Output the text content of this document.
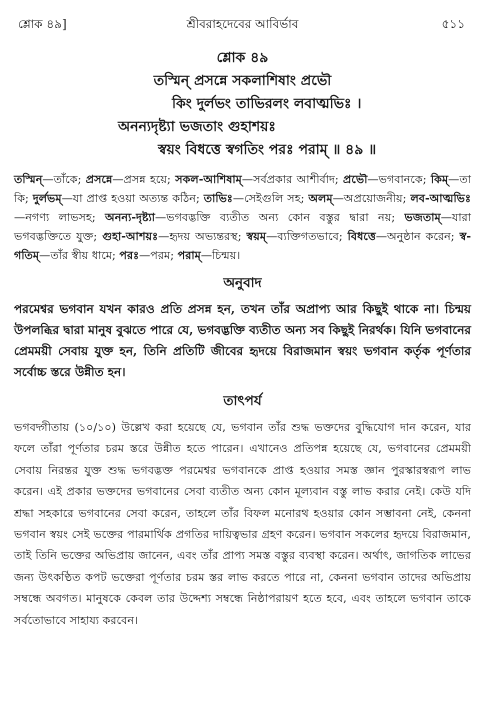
শ্লোক ৪৯]	শ্রীবরাহদেবের আবির্ভাব	৫১১
শ্লোক ৪৯
তস্মিন্‌ প্রসন্নে সকলাশিষাং প্রভৌ
কিং দুর্লভং তাভিরলং লবাত্মভিঃ ।
অনন্যদৃষ্ট্যা ভজতাং গুহাশয়ঃ
স্বয়ং বিধত্তে স্বগতিং পরঃ পরাম্‌ ॥ ৪৯ ॥
তস্মিন্‌—তাঁকে; প্রসন্নে—প্রসন্ন হয়ে; সকল-আশিষাম্‌—সর্বপ্রকার আশীর্বাদ; প্রভৌ—ভগবানকে; কিম্‌—তা কি; দুর্লভম্‌—যা প্রাপ্ত হওয়া অত্যন্ত কঠিন; তাভিঃ—সেইগুলি সহ; অলম্‌—অপ্রয়োজনীয়; লব-আত্মভিঃ—নগণ্য লাভসহ; অনন্য-দৃষ্ট্যা—ভগবদ্ভক্তি ব্যতীত অন্য কোন বস্তুর দ্বারা নয়; ভজতাম্‌—যারা ভগবদ্ভক্তিতে যুক্ত; গুহা-আশয়ঃ—হৃদয় অভ্যন্তরস্থ; স্বয়ম্‌—ব্যক্তিগতভাবে; বিধত্তে—অনুষ্ঠান করেন; স্ব-গতিম্‌—তাঁর স্বীয় ধামে; পরঃ—পরম; পরাম্‌—চিন্ময়।
অনুবাদ
পরমেশ্বর ভগবান যখন কারও প্রতি প্রসন্ন হন, তখন তাঁর অপ্রাপ্য আর কিছুই থাকে না। চিন্ময় উপলব্ধির দ্বারা মানুষ বুঝতে পারে যে, ভগবদ্ভক্তি ব্যতীত অন্য সব কিছুই নিরর্থক। যিনি ভগবানের প্রেমময়ী সেবায় যুক্ত হন, তিনি প্রতিটি জীবের হৃদয়ে বিরাজমান স্বয়ং ভগবান কর্তৃক পূর্ণতার সর্বোচ্চ স্তরে উন্নীত হন।
তাৎপর্য

ভগবদ্গীতায় (১০/১০) উল্লেখ করা হয়েছে যে, ভগবান তাঁর শুদ্ধ ভক্তদের বুদ্ধিযোগ দান করেন, যার ফলে তাঁরা পূর্ণতার চরম স্তরে উন্নীত হতে পারেন। এখানেও প্রতিপন্ন হয়েছে যে, ভগবানের প্রেমময়ী সেবায় নিরন্তর যুক্ত শুদ্ধ ভগবদ্ভক্ত পরমেশ্বর ভগবানকে প্রাপ্ত হওয়ার সমস্ত জ্ঞান পুরস্কারস্বরূপ লাভ করেন। এই প্রকার ভক্তদের ভগবানের সেবা ব্যতীত অন্য কোন মূল্যবান বস্তু লাভ করার নেই। কেউ যদি শ্রদ্ধা সহকারে ভগবানের সেবা করেন, তাহলে তাঁর বিফল মনোরথ হওয়ার কোন সম্ভাবনা নেই, কেননা ভগবান স্বয়ং সেই ভক্তের পারমার্থিক প্রগতির দায়িত্বভার গ্রহণ করেন। ভগবান সকলের হৃদয়ে বিরাজমান, তাই তিনি ভক্তের অভিপ্রায় জানেন, এবং তাঁর প্রাপ্য সমস্ত বস্তুর ব্যবস্থা করেন। অর্থাৎ, জাগতিক লাভের জন্য উৎকণ্ঠিত কপট ভক্তেরা পূর্ণতার চরম স্তর লাভ করতে পারে না, কেননা ভগবান তাদের অভিপ্রায় সম্বন্ধে অবগত। মানুষকে কেবল তার উদ্দেশ্য সম্বন্ধে নিষ্ঠাপরায়ণ হতে হবে, এবং তাহলে ভগবান তাকে সর্বতোভাবে সাহায্য করবেন।
